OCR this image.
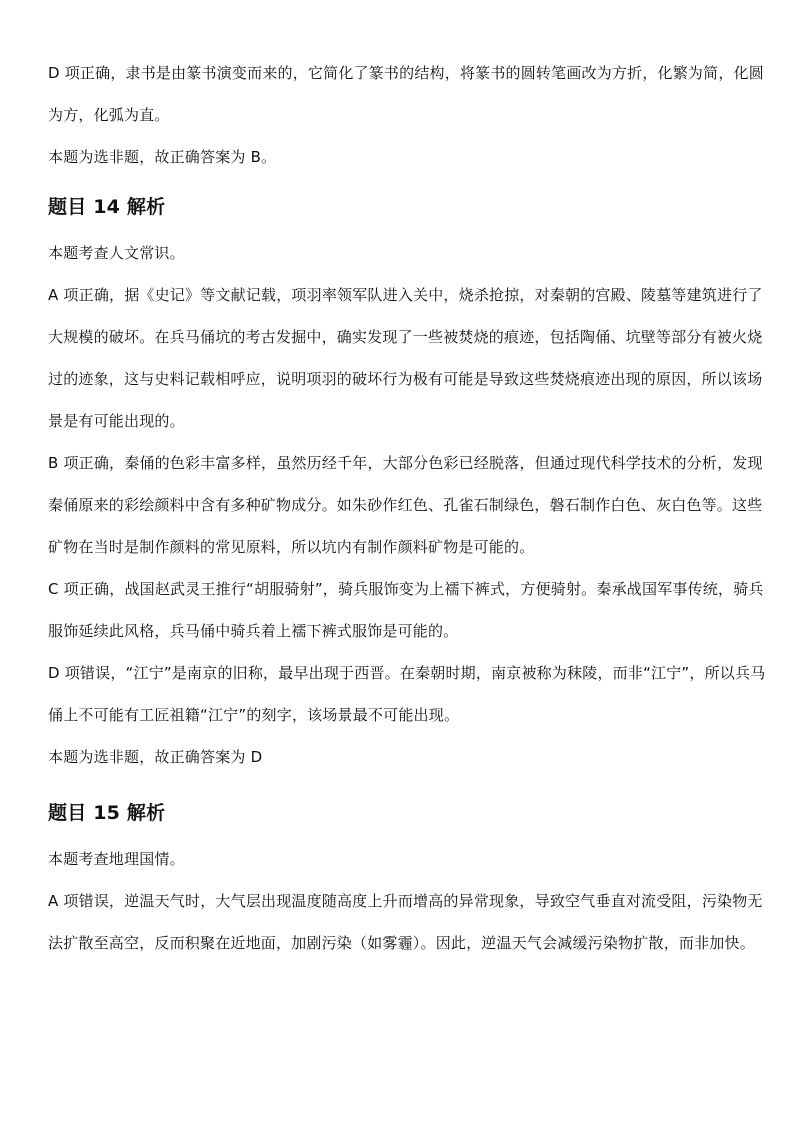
D 项正确，隶书是由篆书演变而来的，它简化了篆书的结构，将篆书的圆转笔画改为方折，化繁为简，化圆为方，化弧为直。

本题为选非题，故正确答案为 B。

题目 14 解析

本题考查人文常识。

A 项正确，据《史记》等文献记载，项羽率领军队进入关中，烧杀抢掠，对秦朝的宫殿、陵墓等建筑进行了大规模的破坏。在兵马俑坑的考古发掘中，确实发现了一些被焚烧的痕迹，包括陶俑、坑壁等部分有被火烧过的迹象，这与史料记载相呼应，说明项羽的破坏行为极有可能是导致这些焚烧痕迹出现的原因，所以该场景是有可能出现的。

B 项正确，秦俑的色彩丰富多样，虽然历经千年，大部分色彩已经脱落，但通过现代科学技术的分析，发现秦俑原来的彩绘颜料中含有多种矿物成分。如朱砂作红色、孔雀石制绿色，磐石制作白色、灰白色等。这些矿物在当时是制作颜料的常见原料，所以坑内有制作颜料矿物是可能的。

C 项正确，战国赵武灵王推行“胡服骑射”，骑兵服饰变为上襦下裤式，方便骑射。秦承战国军事传统，骑兵服饰延续此风格，兵马俑中骑兵着上襦下裤式服饰是可能的。

D 项错误，“江宁”是南京的旧称，最早出现于西晋。在秦朝时期，南京被称为秣陵，而非“江宁”，所以兵马俑上不可能有工匠祖籍“江宁”的刻字，该场景最不可能出现。

本题为选非题，故正确答案为 D

题目 15 解析

本题考查地理国情。

A 项错误，逆温天气时，大气层出现温度随高度上升而增高的异常现象，导致空气垂直对流受阻，污染物无法扩散至高空，反而积聚在近地面，加剧污染（如雾霾）。因此，逆温天气会减缓污染物扩散，而非加快。
